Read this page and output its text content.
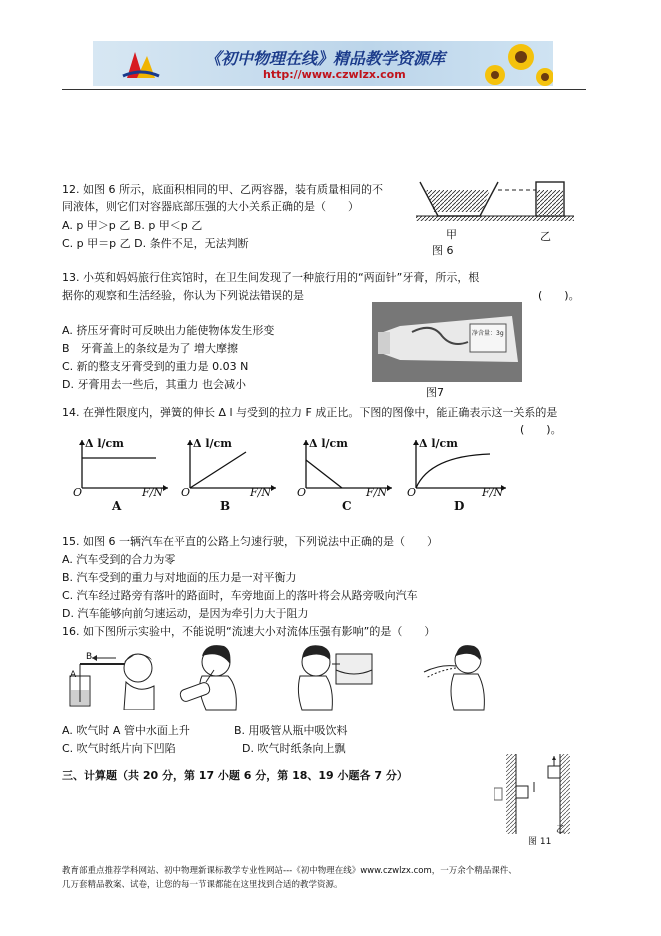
《初中物理在线》精品教学资源库
http://www.czwlzx.com
12. 如图 6 所示，底面积相同的甲、乙两容器，装有质量相同的不
同液体，则它们对容器底部压强的大小关系正确的是（　　）
A. p 甲＞p 乙 B. p 甲＜p 乙
C. p 甲＝p 乙 D. 条件不足，无法判断
甲	乙
图 6
13. 小英和妈妈旅行住宾馆时，在卫生间发现了一种旅行用的“两面针”牙膏，所示，根
据你的观察和生活经验，你认为下列说法错误的是	(　　)。
A. 挤压牙膏时可反映出力能使物体发生形变
B　牙膏盖上的条纹是为了 增大摩擦
C. 新的整支牙膏受到的重力是 0.03 N
D. 牙膏用去一些后，其重力 也会减小
净含量：3g
图7
14. 在弹性限度内，弹簧的伸长 Δ l 与受到的拉力 F 成正比。下图的图像中，能正确表示这一关系的是
(　　)。
Δ l/cm
O	F/N
A
Δ l/cm
O	F/N
B
Δ l/cm
O	F/N
C
Δ l/cm
O	F/N
D
15. 如图 6 一辆汽车在平直的公路上匀速行驶，下列说法中正确的是（　　）
A. 汽车受到的合力为零
B. 汽车受到的重力与对地面的压力是一对平衡力
C. 汽车经过路旁有落叶的路面时，车旁地面上的落叶将会从路旁吸向汽车
D. 汽车能够向前匀速运动，是因为牵引力大于阻力
16. 如下图所示实验中，不能说明“流速大小对流体压强有影响”的是（　　）
B
A
A. 吹气时 A 管中水面上升	B. 用吸管从瓶中吸饮料
C. 吹气时纸片向下凹陷	D. 吹气时纸条向上飘
三、计算题（共 20 分，第 17 小题 6 分，第 18、19 小题各 7 分）
乙
图 11
教育部重点推荐学科网站、初中物理新课标教学专业性网站---《初中物理在线》www.czwlzx.com，一万余个精品课件、
几万套精品教案、试卷，让您的每一节课都能在这里找到合适的教学资源。
